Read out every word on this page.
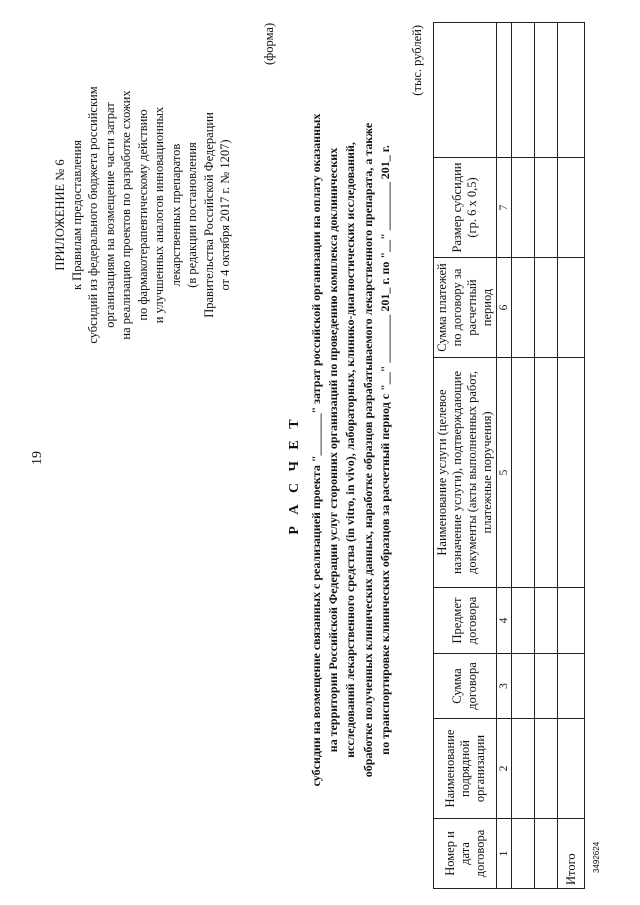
19
ПРИЛОЖЕНИЕ № 6 к Правилам предоставления субсидий из федерального бюджета российским организациям на возмещение части затрат на реализацию проектов по разработке схожих по фармакотерапевтическому действию и улучшенных аналогов инновационных лекарственных препаратов (в редакции постановления Правительства Российской Федерации от 4 октября 2017 г. № 1207)
(форма)
Р А С Ч Е Т субсидии на возмещение связанных с реализацией проекта "_______" затрат российской организации на оплату оказанных на территории Российской Федерации услуг сторонних организаций по проведению комплекса доклинических исследований лекарственного средства (in vitro, in vivo), лабораторных, клинико-диагностических исследований, обработке полученных клинических данных, наработке образцов разрабатываемого лекарственного препарата, а также по транспортировке клинических образцов за расчетный период с "__" ________ 201_ г. по "__" ________ 201_ г.
(тыс. рублей)
Номер и дата договора	Наименование подрядной организации	Сумма договора	Предмет договора	Наименование услуги (целевое назначение услуги), подтверждающие документы (акты выполненных работ, платежные поручения)	Сумма платежей по договору за расчетный период	Размер субсидии (гр. 6 х 0,5)	
1	2	3	4	5	6	7	

Итого							3492624
